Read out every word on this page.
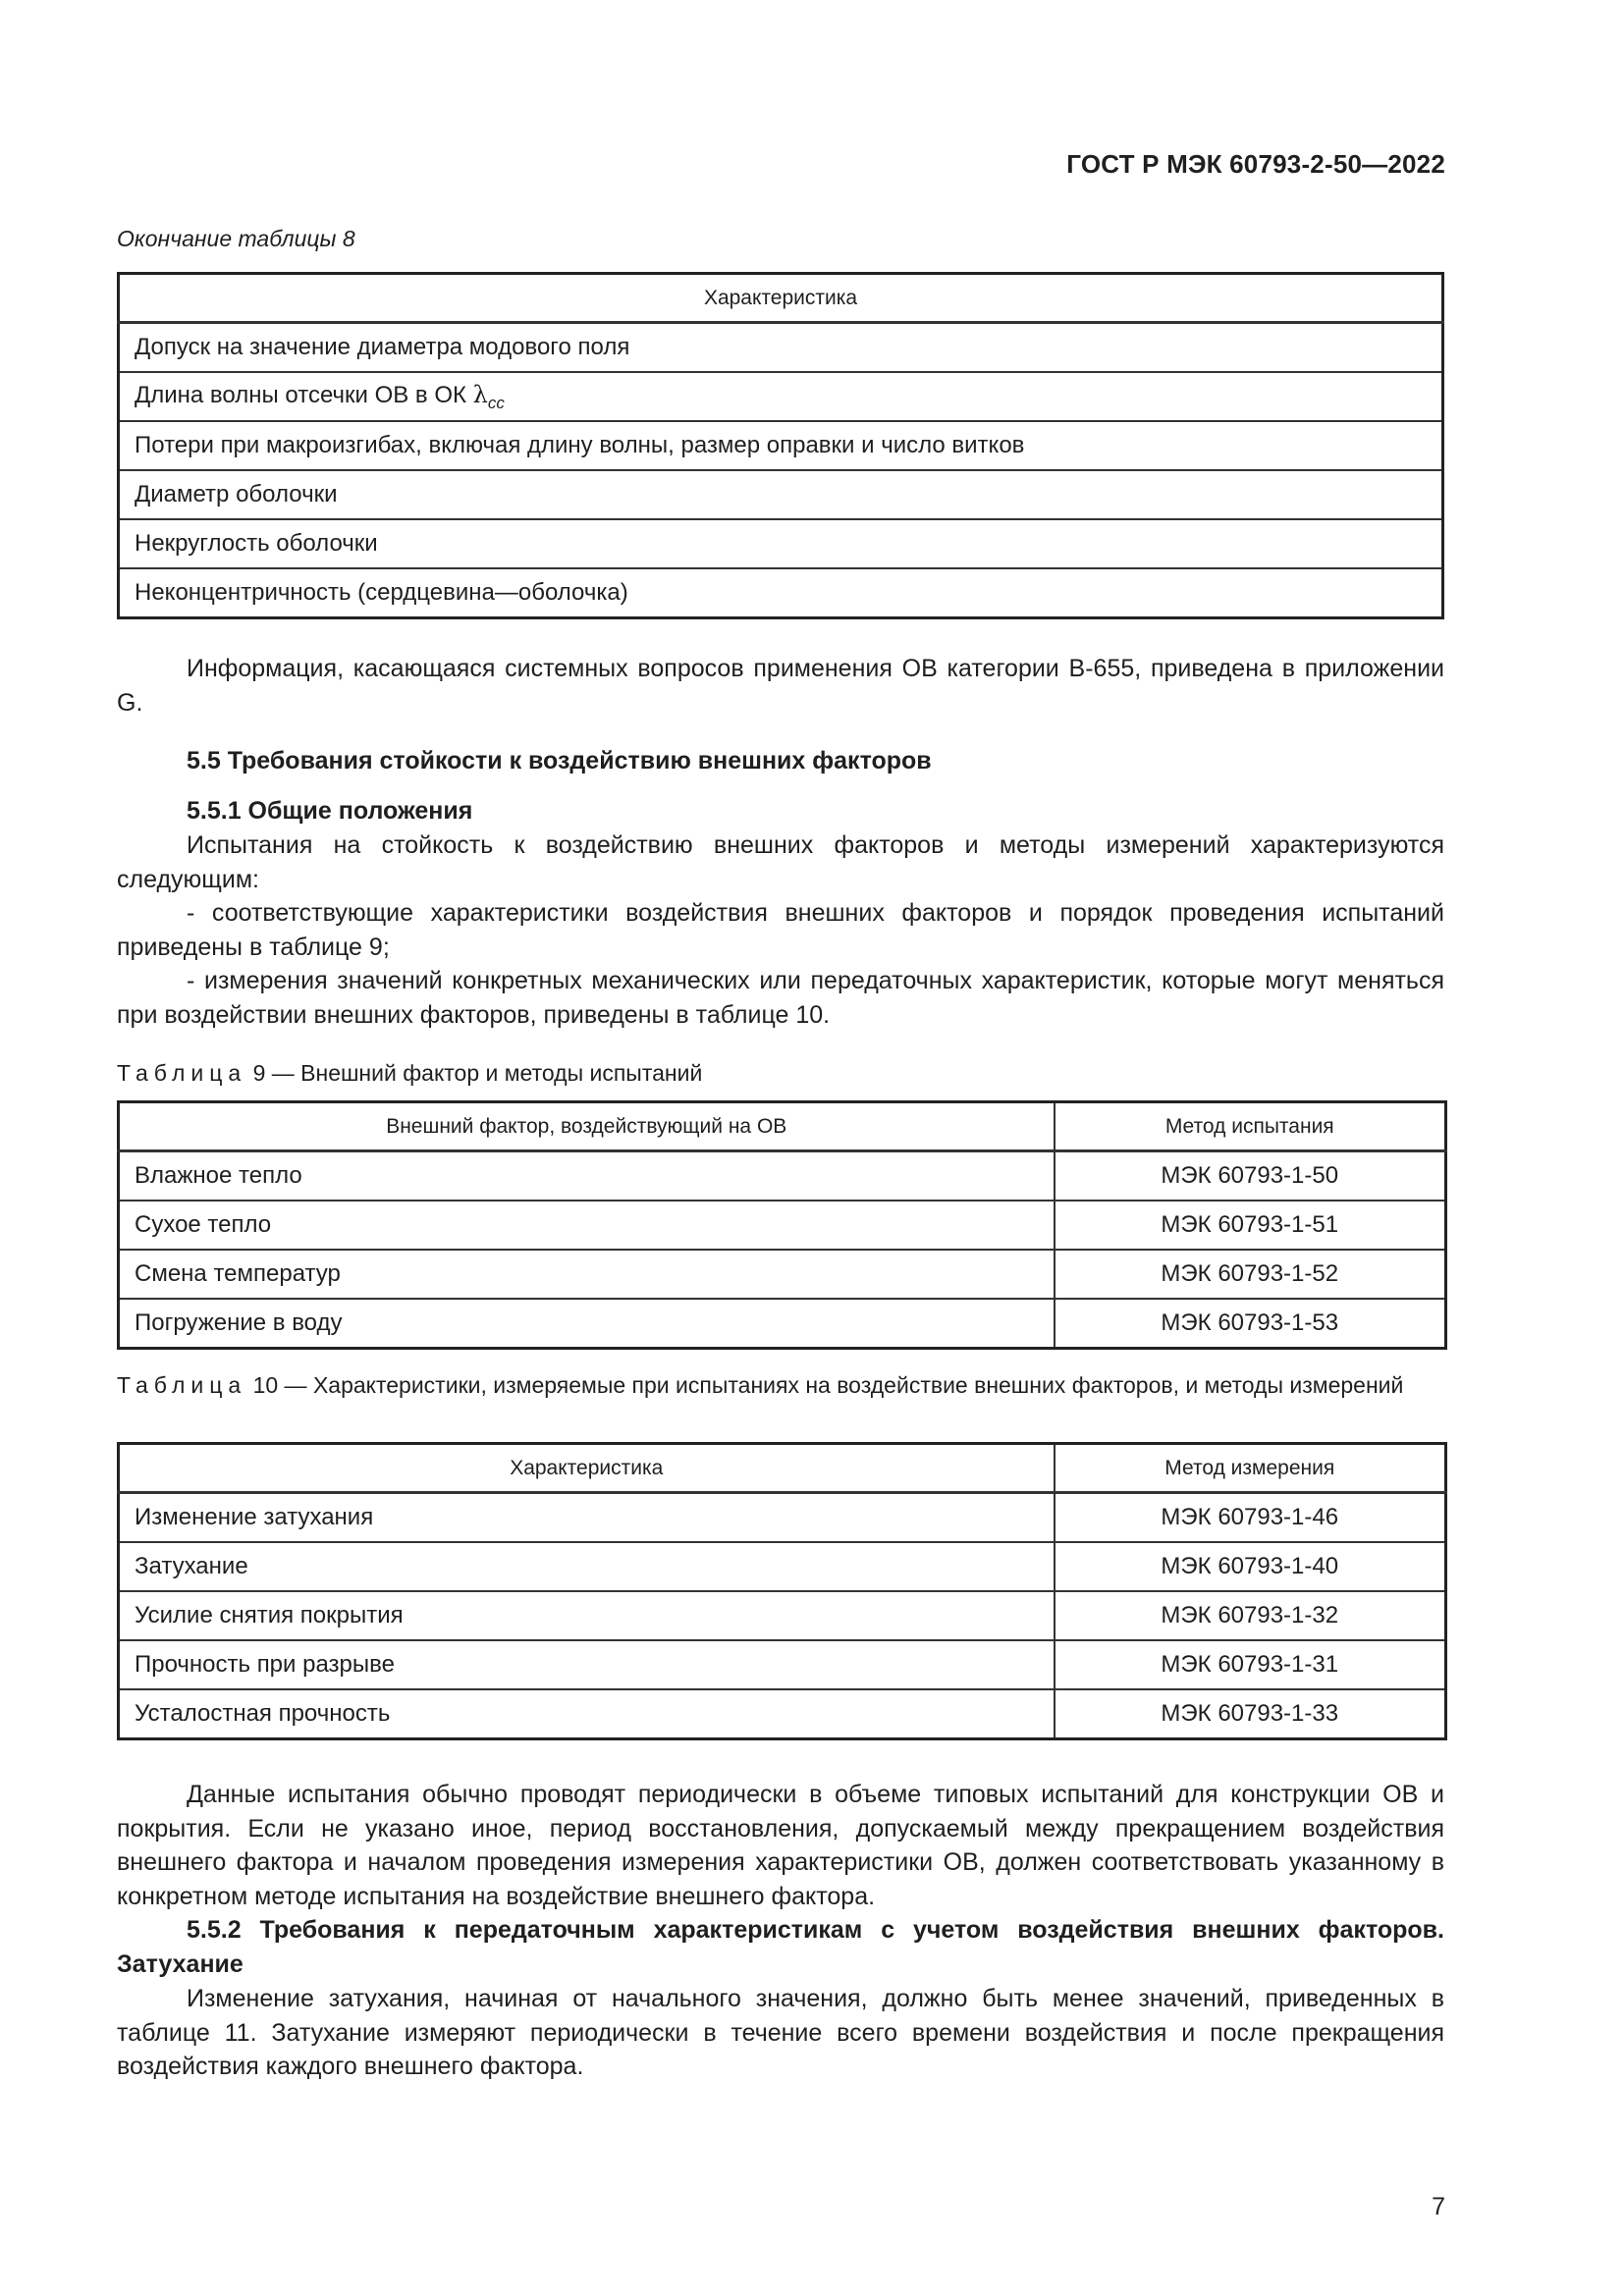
ГОСТ Р МЭК 60793-2-50—2022
Окончание таблицы 8
Характеристика
Допуск на значение диаметра модового поля
Длина волны отсечки ОВ в ОК $\lambda_{cc}$
Потери при макроизгибах, включая длину волны, размер оправки и число витков
Диаметр оболочки
Некруглость оболочки
Неконцентричность (сердцевина—оболочка)
Информация, касающаяся системных вопросов применения ОВ категории B-655, приведена в приложении G.
5.5 Требования стойкости к воздействию внешних факторов
5.5.1 Общие положения
Испытания на стойкость к воздействию внешних факторов и методы измерений характеризуются следующим:
- соответствующие характеристики воздействия внешних факторов и порядок проведения испытаний приведены в таблице 9;
- измерения значений конкретных механических или передаточных характеристик, которые могут меняться при воздействии внешних факторов, приведены в таблице 10.
Таблица 9 — Внешний фактор и методы испытаний
Внешний фактор, воздействующий на ОВ	Метод испытания
Влажное тепло	МЭК 60793-1-50
Сухое тепло	МЭК 60793-1-51
Смена температур	МЭК 60793-1-52
Погружение в воду	МЭК 60793-1-53
Таблица 10 — Характеристики, измеряемые при испытаниях на воздействие внешних факторов, и методы измерений
Характеристика	Метод измерения
Изменение затухания	МЭК 60793-1-46
Затухание	МЭК 60793-1-40
Усилие снятия покрытия	МЭК 60793-1-32
Прочность при разрыве	МЭК 60793-1-31
Усталостная прочность	МЭК 60793-1-33
Данные испытания обычно проводят периодически в объеме типовых испытаний для конструкции ОВ и покрытия. Если не указано иное, период восстановления, допускаемый между прекращением воздействия внешнего фактора и началом проведения измерения характеристики ОВ, должен соответствовать указанному в конкретном методе испытания на воздействие внешнего фактора.
5.5.2 Требования к передаточным характеристикам с учетом воздействия внешних факторов. Затухание
Изменение затухания, начиная от начального значения, должно быть менее значений, приведенных в таблице 11. Затухание измеряют периодически в течение всего времени воздействия и после прекращения воздействия каждого внешнего фактора.
7
